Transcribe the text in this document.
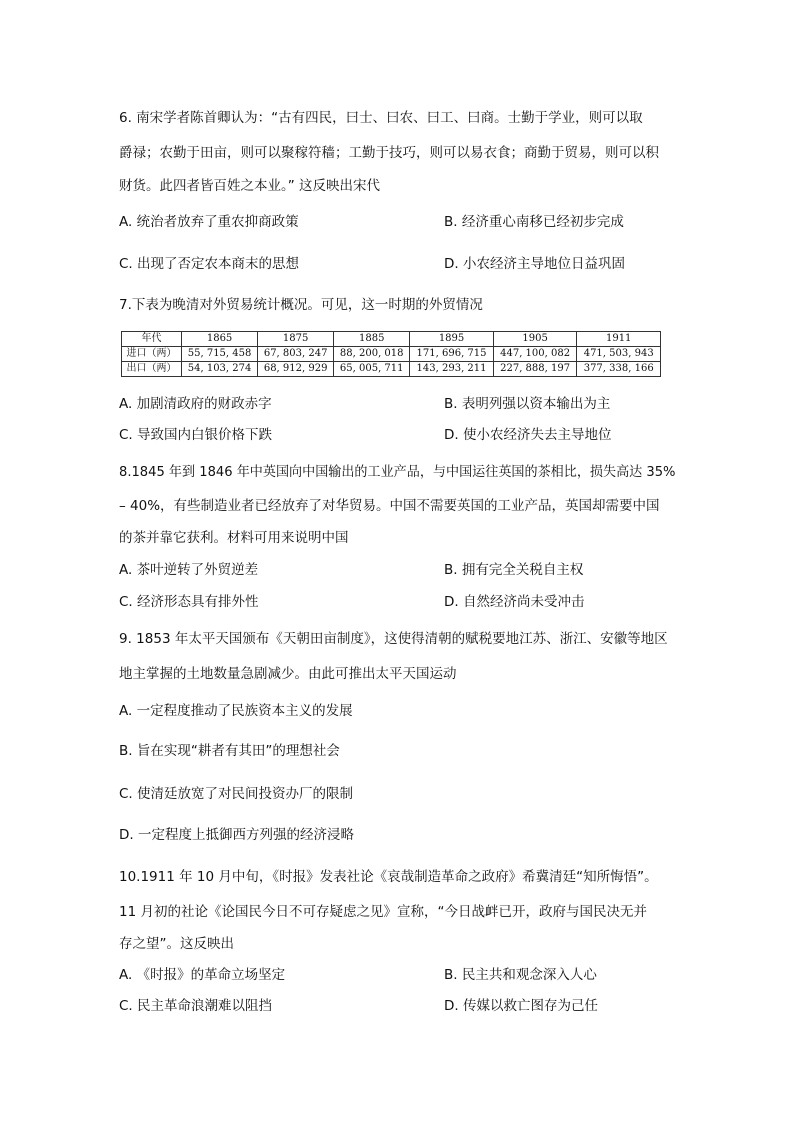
6. 南宋学者陈首卿认为：“古有四民，曰士、曰农、曰工、曰商。士勤于学业，则可以取
爵禄；农勤于田亩，则可以聚稼符穑；工勤于技巧，则可以易衣食；商勤于贸易，则可以积
财货。此四者皆百姓之本业。” 这反映出宋代
A. 统治者放弃了重农抑商政策	B. 经济重心南移已经初步完成
C. 出现了否定农本商末的思想	D. 小农经济主导地位日益巩固
7.下表为晚清对外贸易统计概况。可见，这一时期的外贸情况
年代	1865	1875	1885	1895	1905	1911
进口（两）	55, 715, 458	67, 803, 247	88, 200, 018	171, 696, 715	447, 100, 082	471, 503, 943
出口（两）	54, 103, 274	68, 912, 929	65, 005, 711	143, 293, 211	227, 888, 197	377, 338, 166
A. 加剧清政府的财政赤字	B. 表明列强以资本输出为主
C. 导致国内白银价格下跌	D. 使小农经济失去主导地位
8.1845 年到 1846 年中英国向中国输出的工业产品，与中国运往英国的茶相比，损失高达 35%
– 40%，有些制造业者已经放弃了对华贸易。中国不需要英国的工业产品，英国却需要中国
的茶并靠它获利。材料可用来说明中国
A. 茶叶逆转了外贸逆差	B. 拥有完全关税自主权
C. 经济形态具有排外性	D. 自然经济尚未受冲击
9. 1853 年太平天国颁布《天朝田亩制度》，这使得清朝的赋税要地江苏、浙江、安徽等地区
地主掌握的土地数量急剧减少。由此可推出太平天国运动
A. 一定程度推动了民族资本主义的发展
B. 旨在实现“耕者有其田”的理想社会
C. 使清廷放宽了对民间投资办厂的限制
D. 一定程度上抵御西方列强的经济浸略
10.1911 年 10 月中旬，《时报》发表社论《哀哉制造革命之政府》希冀清廷“知所悔悟”。
11 月初的社论《论国民今日不可存疑虑之见》宣称，“今日战衅已开，政府与国民决无并
存之望”。这反映出
A. 《时报》的革命立场坚定	B. 民主共和观念深入人心
C. 民主革命浪潮难以阻挡	D. 传媒以救亡图存为己任
